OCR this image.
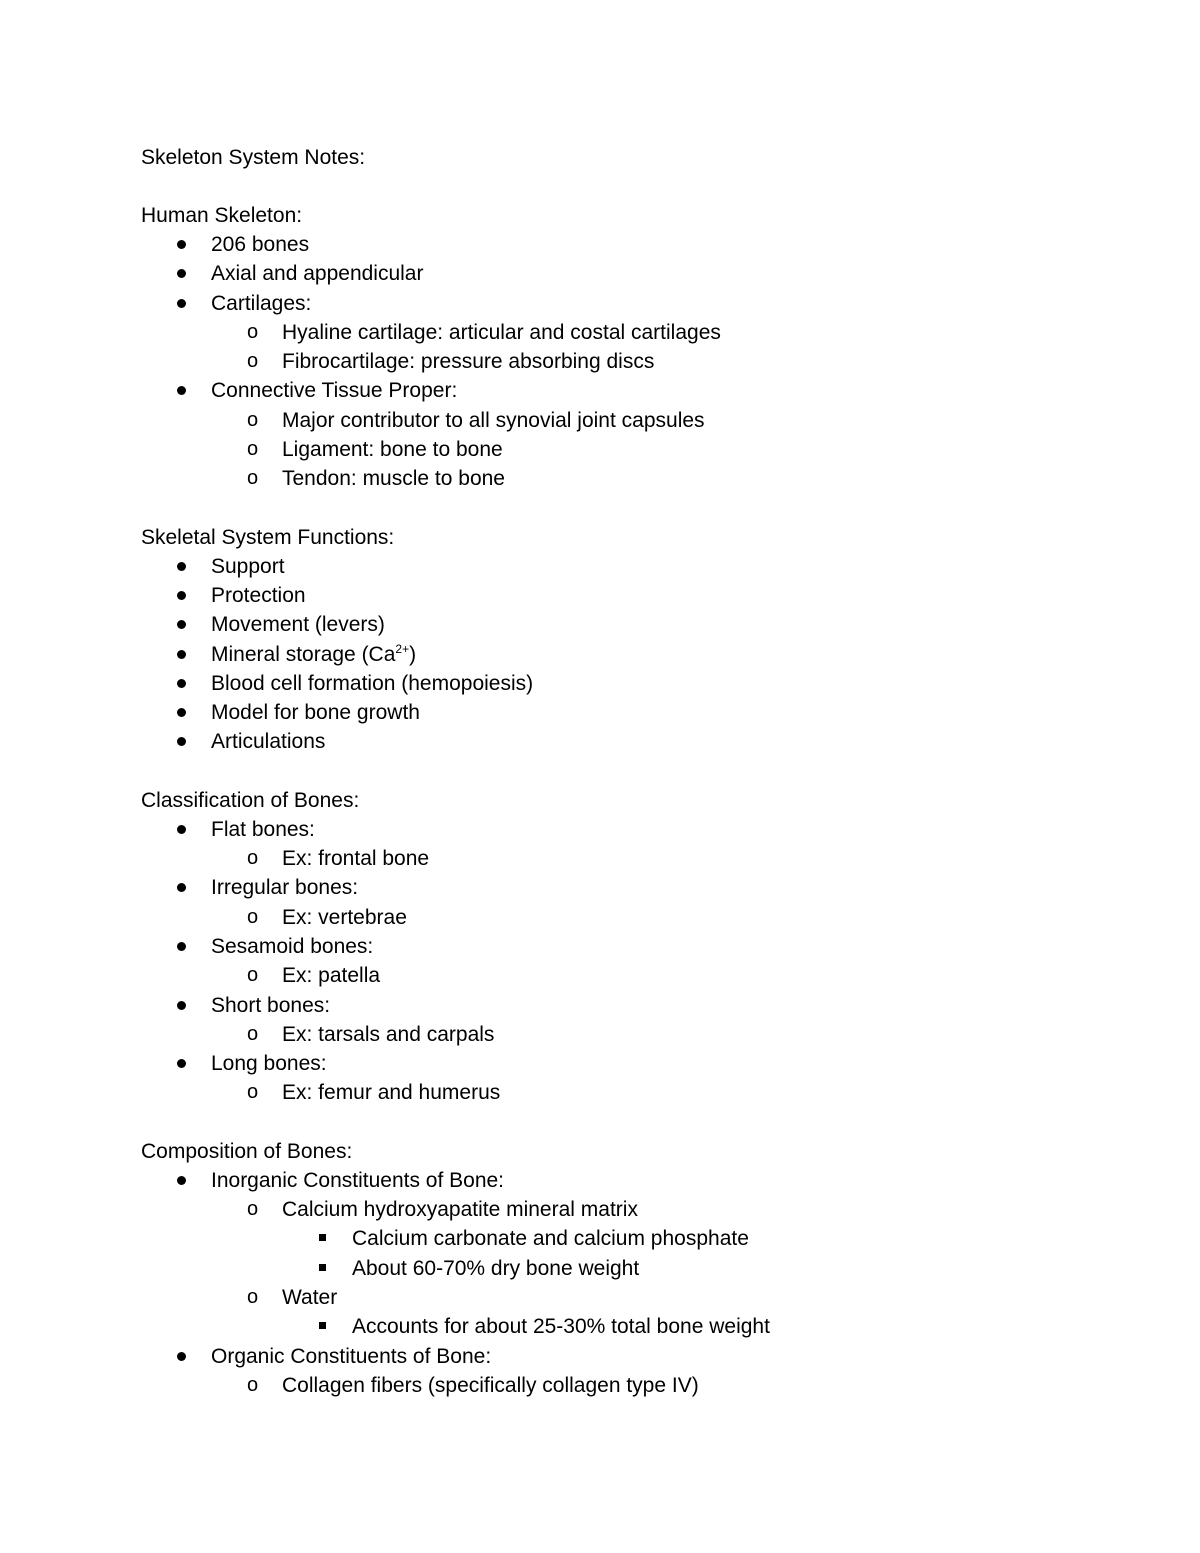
Skeleton System Notes:
Human Skeleton:
206 bones
Axial and appendicular
Cartilages:
o Hyaline cartilage: articular and costal cartilages
o Fibrocartilage: pressure absorbing discs
Connective Tissue Proper:
o Major contributor to all synovial joint capsules
o Ligament: bone to bone
o Tendon: muscle to bone
Skeletal System Functions:
Support
Protection
Movement (levers)
Mineral storage $(Ca^{2+})$
Blood cell formation (hemopoiesis)
Model for bone growth
Articulations
Classification of Bones:
Flat bones:
o Ex: frontal bone
Irregular bones:
o Ex: vertebrae
Sesamoid bones:
o Ex: patella
Short bones:
o Ex: tarsals and carpals
Long bones:
o Ex: femur and humerus
Composition of Bones:
Inorganic Constituents of Bone:
o Calcium hydroxyapatite mineral matrix
Calcium carbonate and calcium phosphate
About 60-70% dry bone weight
o Water
Accounts for about 25-30% total bone weight
Organic Constituents of Bone:
o Collagen fibers (specifically collagen type IV)
